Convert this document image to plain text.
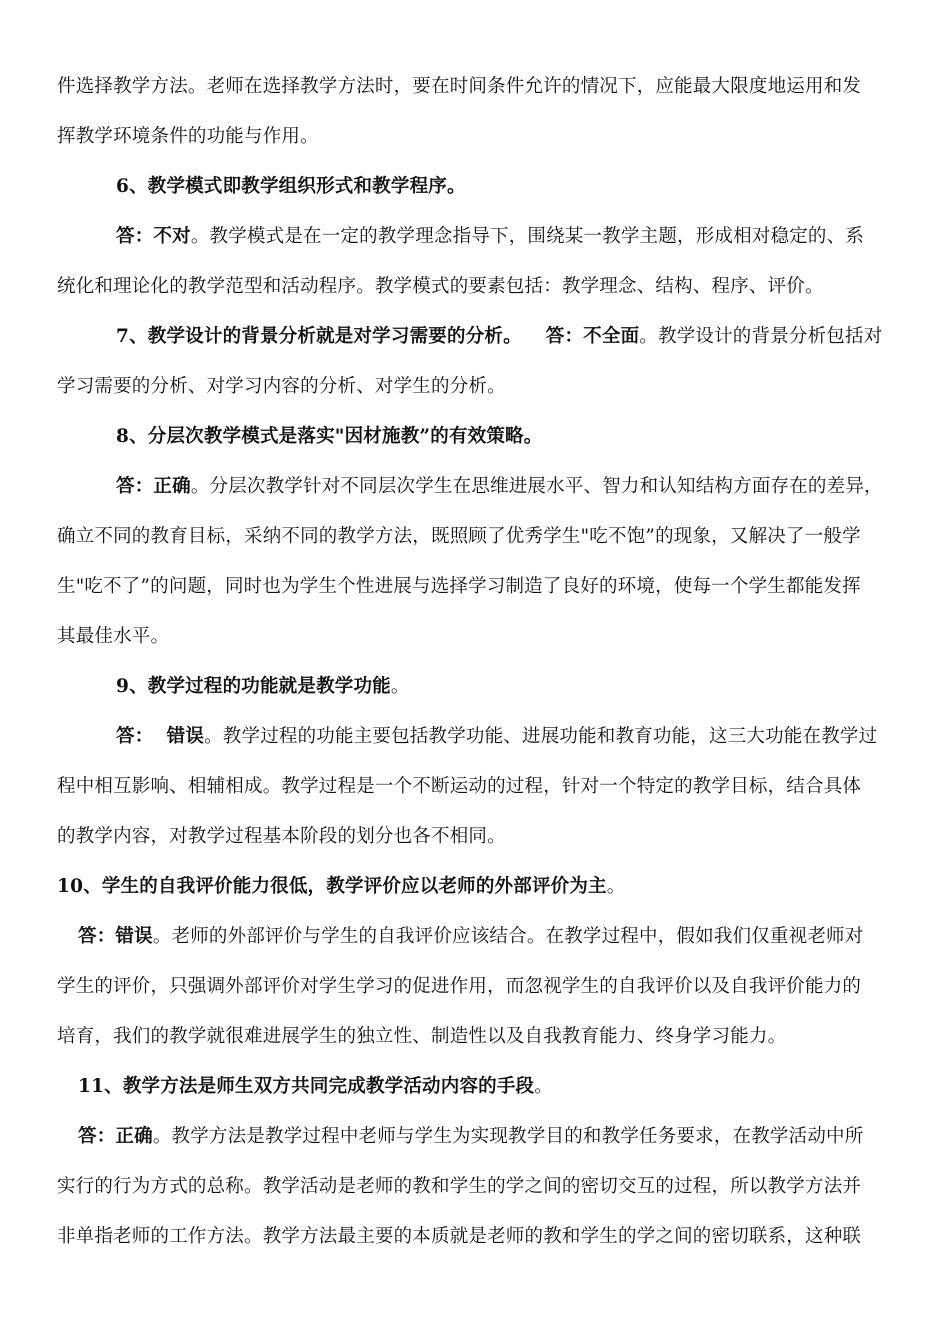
件选择教学方法。老师在选择教学方法时，要在时间条件允许的情况下，应能最大限度地运用和发
挥教学环境条件的功能与作用。
6、教学模式即教学组织形式和教学程序。
答：不对。教学模式是在一定的教学理念指导下，围绕某一教学主题，形成相对稳定的、系
统化和理论化的教学范型和活动程序。教学模式的要素包括：教学理念、结构、程序、评价。
7、教学设计的背景分析就是对学习需要的分析。 答：不全面。教学设计的背景分析包括对
学习需要的分析、对学习内容的分析、对学生的分析。
8、分层次教学模式是落实"因材施教”的有效策略。
答：正确。分层次教学针对不同层次学生在思维进展水平、智力和认知结构方面存在的差异，
确立不同的教育目标，采纳不同的教学方法，既照顾了优秀学生"吃不饱”的现象，又解决了一般学
生"吃不了”的问题，同时也为学生个性进展与选择学习制造了良好的环境，使每一个学生都能发挥
其最佳水平。
9、教学过程的功能就是教学功能。
答：  错误。教学过程的功能主要包括教学功能、进展功能和教育功能，这三大功能在教学过
程中相互影响、相辅相成。教学过程是一个不断运动的过程，针对一个特定的教学目标，结合具体
的教学内容，对教学过程基本阶段的划分也各不相同。
10、学生的自我评价能力很低，教学评价应以老师的外部评价为主。
答：错误。老师的外部评价与学生的自我评价应该结合。在教学过程中，假如我们仅重视老师对
学生的评价，只强调外部评价对学生学习的促进作用，而忽视学生的自我评价以及自我评价能力的
培育，我们的教学就很难进展学生的独立性、制造性以及自我教育能力、终身学习能力。
11、教学方法是师生双方共同完成教学活动内容的手段。
答：正确。教学方法是教学过程中老师与学生为实现教学目的和教学任务要求，在教学活动中所
实行的行为方式的总称。教学活动是老师的教和学生的学之间的密切交互的过程，所以教学方法并
非单指老师的工作方法。教学方法最主要的本质就是老师的教和学生的学之间的密切联系，这种联
